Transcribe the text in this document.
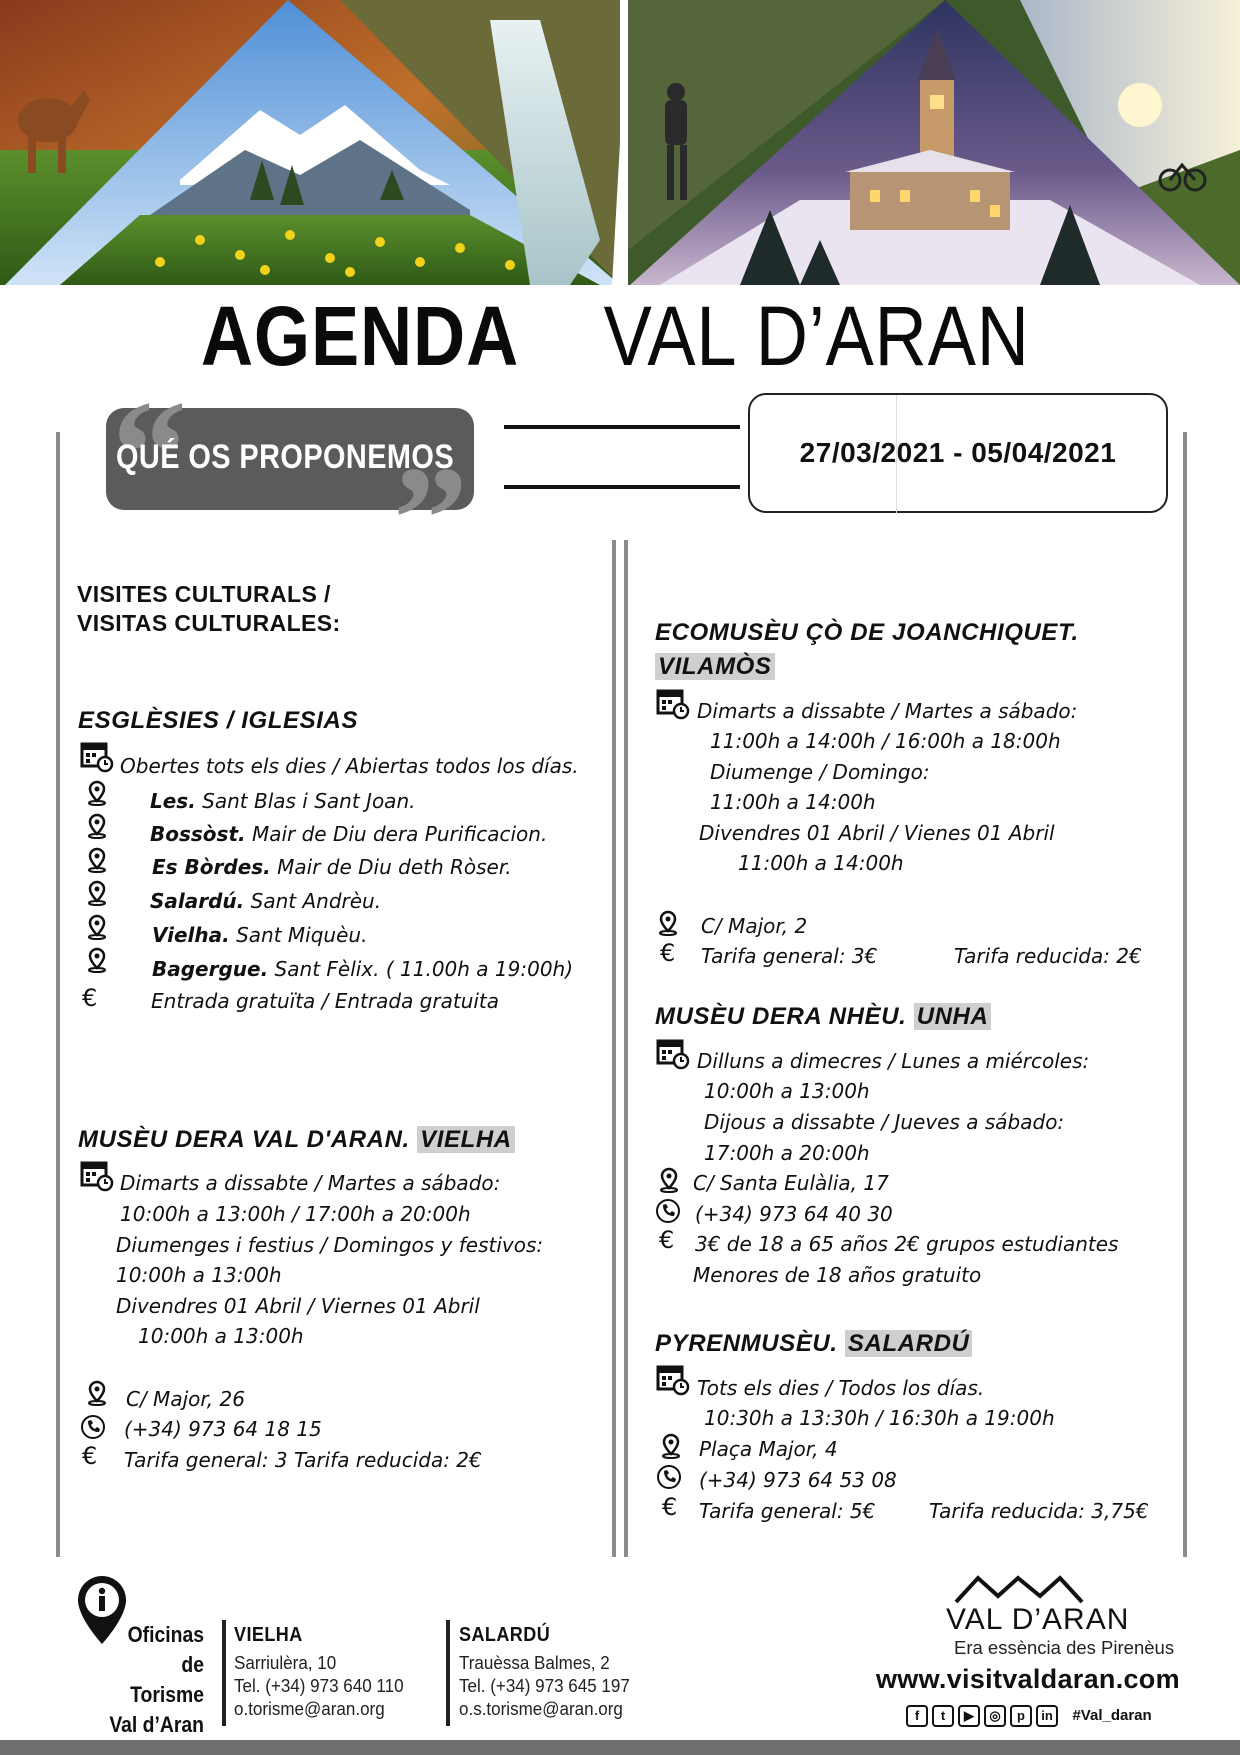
AGENDA VAL D’ARAN
“ ”
QUÉ OS PROPONEMOS	27/03/2021 - 05/04/2021
VISITES CULTURALS /
VISITAS CULTURALES:
ESGLÈSIES / IGLESIAS
Obertes tots els dies / Abiertas todos los días.
Les. Sant Blas i Sant Joan.
Bossòst. Mair de Diu dera Purificacion.
Es Bòrdes. Mair de Diu deth Ròser.
Salardú. Sant Andrèu.
Vielha. Sant Miquèu.
Bagergue. Sant Fèlix. ( 11.00h a 19:00h)
€	Entrada gratuïta / Entrada gratuita
MUSÈU DERA VAL D'ARAN. VIELHA
Dimarts a dissabte / Martes a sábado:
10:00h a 13:00h / 17:00h a 20:00h
Diumenges i festius / Domingos y festivos:
10:00h a 13:00h
Divendres 01 Abril / Viernes 01 Abril
10:00h a 13:00h
C/ Major, 26
(+34) 973 64 18 15
€ Tarifa general: 3 Tarifa reducida: 2€
ECOMUSÈU ÇÒ DE JOANCHIQUET.
VILAMÒS
Dimarts a dissabte / Martes a sábado:
11:00h a 14:00h / 16:00h a 18:00h
Diumenge / Domingo:
11:00h a 14:00h
Divendres 01 Abril / Vienes 01 Abril
11:00h a 14:00h
C/ Major, 2
€ Tarifa general: 3€	Tarifa reducida: 2€
MUSÈU DERA NHÈU. UNHA
Dilluns a dimecres / Lunes a miércoles:
10:00h a 13:00h
Dijous a dissabte / Jueves a sábado:
17:00h a 20:00h
C/ Santa Eulàlia, 17
(+34) 973 64 40 30
€ 3€ de 18 a 65 años 2€ grupos estudiantes
Menores de 18 años gratuito
PYRENMUSÈU. SALARDÚ
Tots els dies / Todos los días.
10:30h a 13:30h / 16:30h a 19:00h
Plaça Major, 4
(+34) 973 64 53 08
€ Tarifa general: 5€	Tarifa reducida: 3,75€
Oficinas
de Torisme
Val d’Aran
VIELHA
Sarriulèra, 10
Tel. (+34) 973 640 110
o.torisme@aran.org
SALARDÚ
Trauèssa Balmes, 2
Tel. (+34) 973 645 197
o.s.torisme@aran.org
VAL D’ARAN
Era essència des Pirenèus
www.visitvaldaran.com
f t ▶ ◎ p in #Val_daran
